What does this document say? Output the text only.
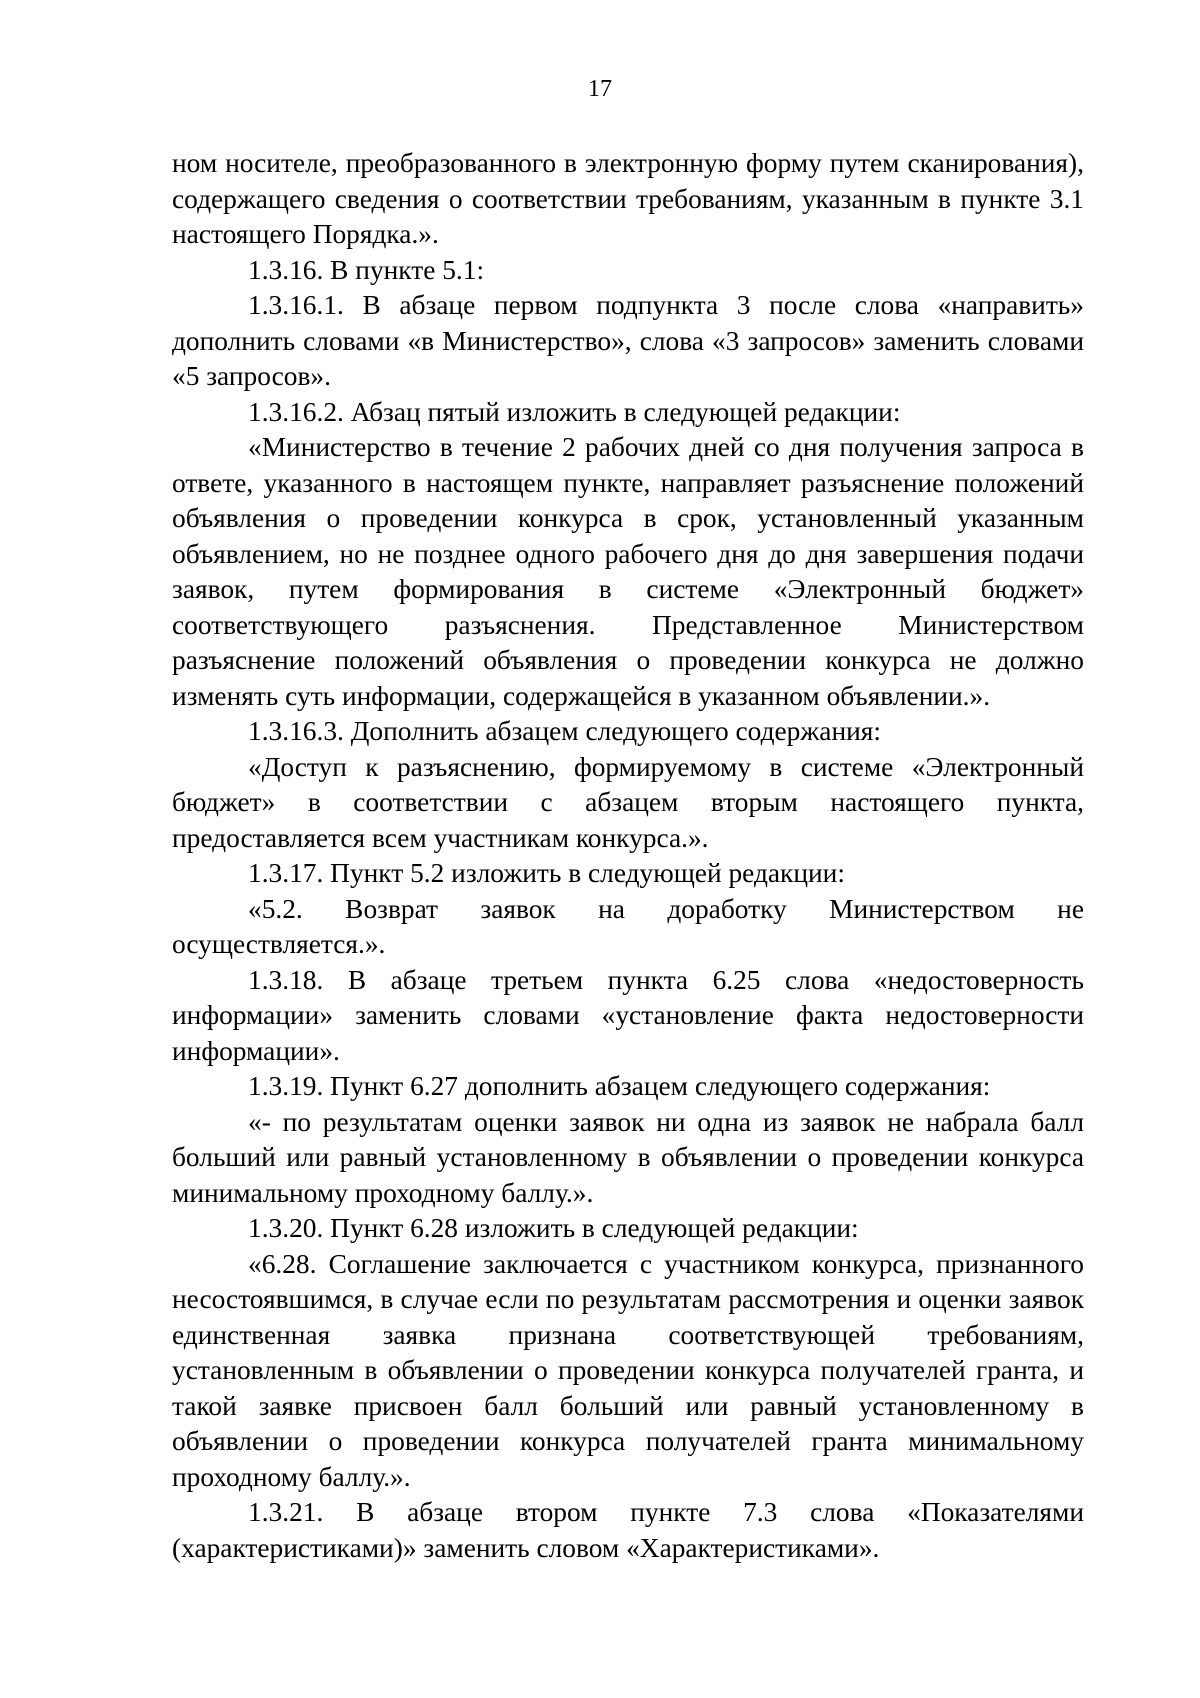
17

ном носителе, преобразованного в электронную форму путем сканирования), содержащего сведения о соответствии требованиям, указанным в пункте 3.1 настоящего Порядка.».

1.3.16. В пункте 5.1:

1.3.16.1. В абзаце первом подпункта 3 после слова «направить» дополнить словами «в Министерство», слова «3 запросов» заменить словами «5 запросов».

1.3.16.2. Абзац пятый изложить в следующей редакции:

«Министерство в течение 2 рабочих дней со дня получения запроса в ответе, указанного в настоящем пункте, направляет разъяснение положений объявления о проведении конкурса в срок, установленный указанным объявлением, но не позднее одного рабочего дня до дня завершения подачи заявок, путем формирования в системе «Электронный бюджет» соответствующего разъяснения. Представленное Министерством разъяснение положений объявления о проведении конкурса не должно изменять суть информации, содержащейся в указанном объявлении.».

1.3.16.3. Дополнить абзацем следующего содержания:

«Доступ к разъяснению, формируемому в системе «Электронный бюджет» в соответствии с абзацем вторым настоящего пункта, предоставляется всем участникам конкурса.».

1.3.17. Пункт 5.2 изложить в следующей редакции:

«5.2. Возврат заявок на доработку Министерством не осуществляется.».

1.3.18. В абзаце третьем пункта 6.25 слова «недостоверность информации» заменить словами «установление факта недостоверности информации».

1.3.19. Пункт 6.27 дополнить абзацем следующего содержания:

«- по результатам оценки заявок ни одна из заявок не набрала балл больший или равный установленному в объявлении о проведении конкурса минимальному проходному баллу.».

1.3.20. Пункт 6.28 изложить в следующей редакции:

«6.28. Соглашение заключается с участником конкурса, признанного несостоявшимся, в случае если по результатам рассмотрения и оценки заявок единственная заявка признана соответствующей требованиям, установленным в объявлении о проведении конкурса получателей гранта, и такой заявке присвоен балл больший или равный установленному в объявлении о проведении конкурса получателей гранта минимальному проходному баллу.».

1.3.21. В абзаце втором пункте 7.3 слова «Показателями (характеристиками)» заменить словом «Характеристиками».
